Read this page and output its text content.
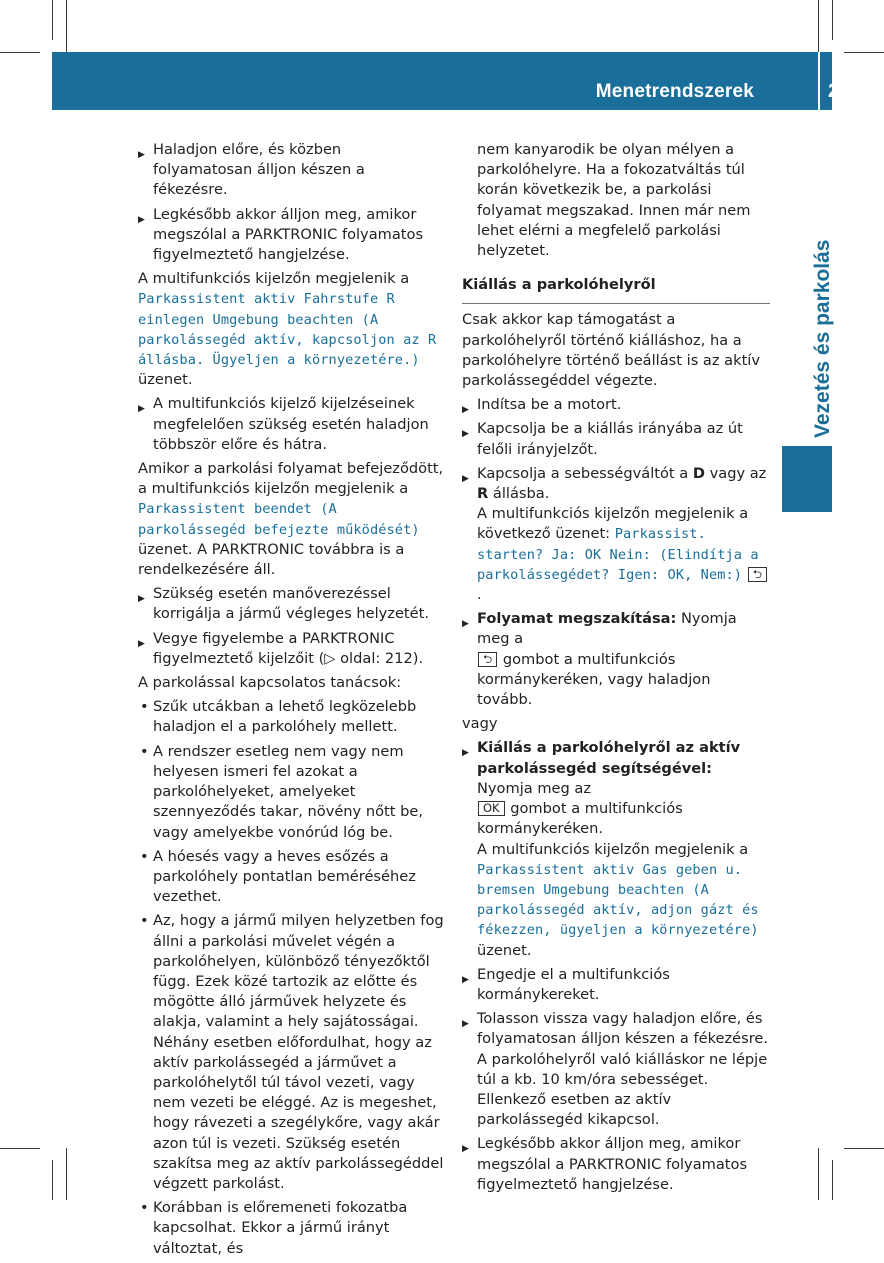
Menetrendszerek	217
Vezetés és parkolás

▶ Haladjon előre, és közben folyamatosan álljon készen a fékezésre.

▶ Legkésőbb akkor álljon meg, amikor megszólal a PARKTRONIC folyamatos figyelmeztető hangjelzése.

A multifunkciós kijelzőn megjelenik a Parkassistent aktiv Fahrstufe R einlegen Umgebung beachten (A parkolássegéd aktív, kapcsoljon az R állásba. Ügyeljen a környezetére.) üzenet.

▶ A multifunkciós kijelző kijelzéseinek megfelelően szükség esetén haladjon többször előre és hátra.

Amikor a parkolási folyamat befejeződött, a multifunkciós kijelzőn megjelenik a Parkassistent beendet (A parkolássegéd befejezte működését) üzenet. A PARKTRONIC továbbra is a rendelkezésére áll.

▶ Szükség esetén manőverezéssel korrigálja a jármű végleges helyzetét.

▶ Vegye figyelembe a PARKTRONIC figyelmeztető kijelzőit (▷ oldal: 212).

A parkolással kapcsolatos tanácsok:

• Szűk utcákban a lehető legközelebb haladjon el a parkolóhely mellett.

• A rendszer esetleg nem vagy nem helyesen ismeri fel azokat a parkolóhelyeket, amelyeket szennyeződés takar, növény nőtt be, vagy amelyekbe vonórúd lóg be.

• A hóesés vagy a heves esőzés a parkolóhely pontatlan beméréséhez vezethet.

• Az, hogy a jármű milyen helyzetben fog állni a parkolási művelet végén a parkolóhelyen, különböző tényezőktől függ. Ezek közé tartozik az előtte és mögötte álló járművek helyzete és alakja, valamint a hely sajátosságai. Néhány esetben előfordulhat, hogy az aktív parkolássegéd a járművet a parkolóhelytől túl távol vezeti, vagy nem vezeti be eléggé. Az is megeshet, hogy rávezeti a szegélykőre, vagy akár azon túl is vezeti. Szükség esetén szakítsa meg az aktív parkolássegéddel végzett parkolást.

• Korábban is előremeneti fokozatba kapcsolhat. Ekkor a jármű irányt változtat, és

nem kanyarodik be olyan mélyen a parkolóhelyre. Ha a fokozatváltás túl korán következik be, a parkolási folyamat megszakad. Innen már nem lehet elérni a megfelelő parkolási helyzetet.

Kiállás a parkolóhelyről

Csak akkor kap támogatást a parkolóhelyről történő kiálláshoz, ha a parkolóhelyre történő beállást is az aktív parkolássegéddel végezte.

▶ Indítsa be a motort.

▶ Kapcsolja be a kiállás irányába az út felőli irányjelzőt.

▶ Kapcsolja a sebességváltót a D vagy az R állásba.
A multifunkciós kijelzőn megjelenik a következő üzenet: Parkassist. starten? Ja: OK Nein: (Elindítja a parkolássegédet? Igen: OK, Nem:) ⮌.

▶ Folyamat megszakítása: Nyomja meg a
⮌ gombot a multifunkciós kormánykeréken, vagy haladjon tovább.

vagy

▶ Kiállás a parkolóhelyről az aktív parkolássegéd segítségével: Nyomja meg az
OK gombot a multifunkciós kormánykeréken.
A multifunkciós kijelzőn megjelenik a Parkassistent aktiv Gas geben u. bremsen Umgebung beachten (A parkolássegéd aktív, adjon gázt és fékezzen, ügyeljen a környezetére) üzenet.

▶ Engedje el a multifunkciós kormánykereket.

▶ Tolasson vissza vagy haladjon előre, és folyamatosan álljon készen a fékezésre. A parkolóhelyről való kiálláskor ne lépje túl a kb. 10 km/óra sebességet. Ellenkező esetben az aktív parkolássegéd kikapcsol.

▶ Legkésőbb akkor álljon meg, amikor megszólal a PARKTRONIC folyamatos figyelmeztető hangjelzése.
